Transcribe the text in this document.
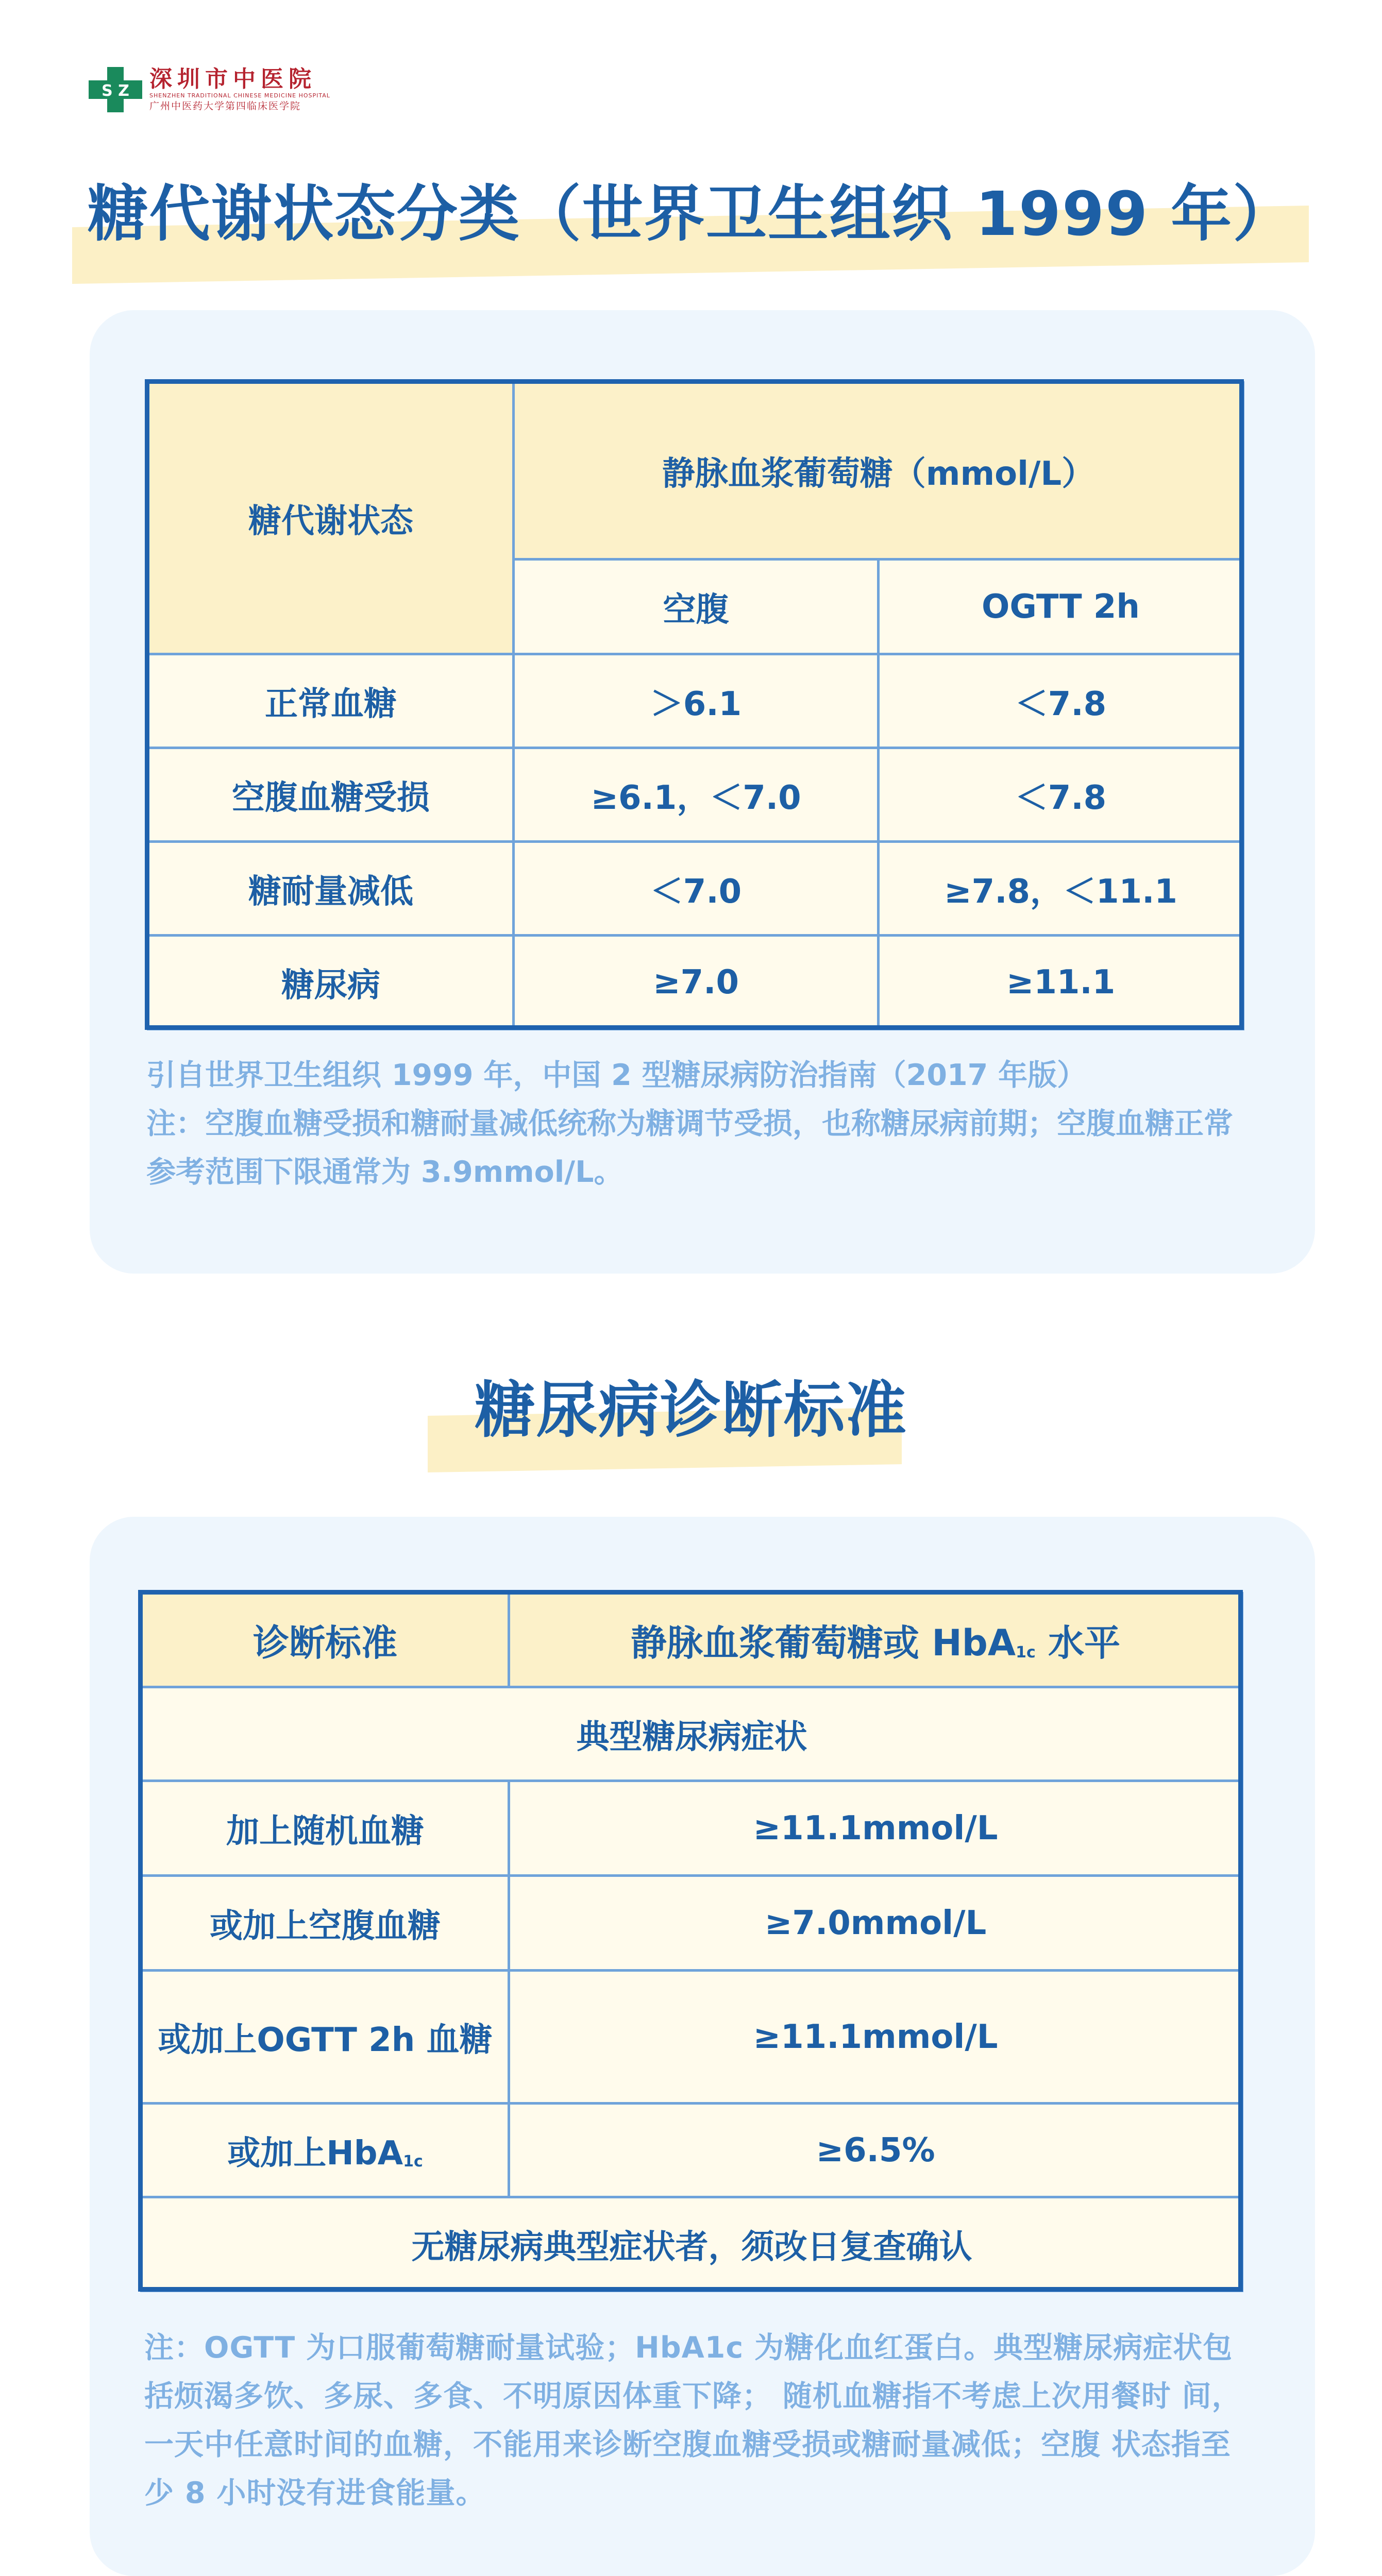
S Z 深圳市中医院
SHENZHEN TRADITIONAL CHINESE MEDICINE HOSPITAL
广州中医药大学第四临床医学院
糖代谢状态分类（世界卫生组织 1999 年）
糖代谢状态	静脉血浆葡萄糖（mmol/L）	
	空腹	OGTT 2h
正常血糖	＞6.1	＜7.8
空腹血糖受损	≥6.1，＜7.0	＜7.8
糖耐量减低	＜7.0	≥7.8，＜11.1
糖尿病	≥7.0	≥11.1

引自世界卫生组织 1999 年，中国 2 型糖尿病防治指南（2017 年版）

注：空腹血糖受损和糖耐量减低统称为糖调节受损，也称糖尿病前期；空腹血糖正常参考范围下限通常为 3.9mmol/L。

糖尿病诊断标准
诊断标准	静脉血浆葡萄糖或 HbA$_{1c}$ 水平
典型糖尿病症状	
加上随机血糖	≥11.1mmol/L
或加上空腹血糖	≥7.0mmol/L
或加上OGTT 2h 血糖	≥11.1mmol/L
或加上HbA$_{1c}$	≥6.5%
无糖尿病典型症状者，须改日复查确认	

注：OGTT 为口服葡萄糖耐量试验；HbA1c 为糖化血红蛋白。典型糖尿病症状包 括烦渴多饮、多尿、多食、不明原因体重下降； 随机血糖指不考虑上次用餐时 间，一天中任意时间的血糖，不能用来诊断空腹血糖受损或糖耐量减低；空腹 状态指至少 8 小时没有进食能量。
